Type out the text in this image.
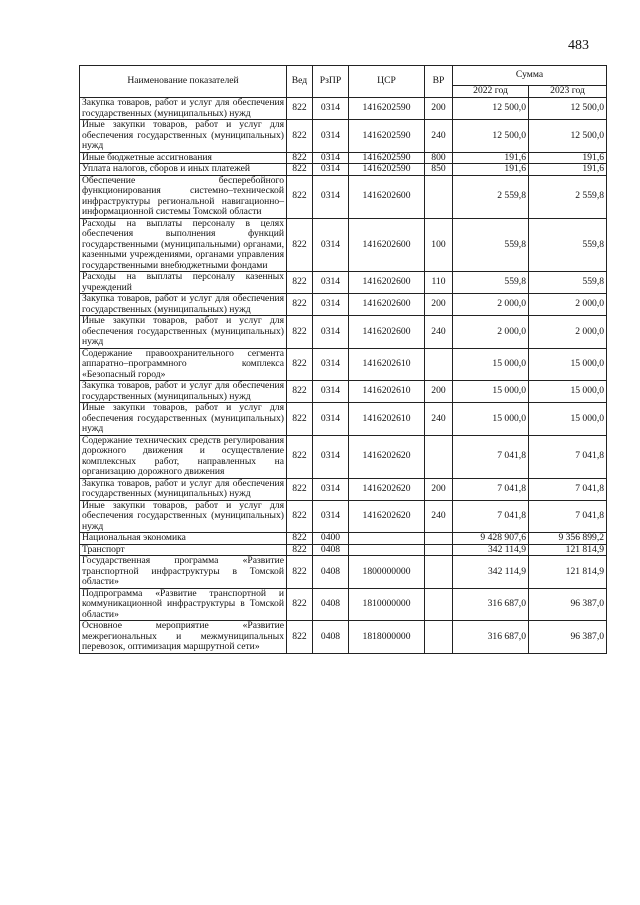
483
Наименование показателей	Вед	РзПР	ЦСР	ВР	Сумма	
					2022 год	2023 год
Закупка товаров, работ и услуг для обеспечения государственных (муниципальных) нужд	822	0314	1416202590	200	12 500,0	12 500,0
Иные закупки товаров, работ и услуг для обеспечения государственных (муниципальных) нужд	822	0314	1416202590	240	12 500,0	12 500,0
Иные бюджетные ассигнования	822	0314	1416202590	800	191,6	191,6
Уплата налогов, сборов и иных платежей	822	0314	1416202590	850	191,6	191,6
Обеспечение бесперебойного функционирования системно–технической инфраструктуры региональной навигационно–информационной системы Томской области	822	0314	1416202600		2 559,8	2 559,8
Расходы на выплаты персоналу в целях обеспечения выполнения функций государственными (муниципальными) органами, казенными учреждениями, органами управления государственными внебюджетными фондами	822	0314	1416202600	100	559,8	559,8
Расходы на выплаты персоналу казенных учреждений	822	0314	1416202600	110	559,8	559,8
Закупка товаров, работ и услуг для обеспечения государственных (муниципальных) нужд	822	0314	1416202600	200	2 000,0	2 000,0
Иные закупки товаров, работ и услуг для обеспечения государственных (муниципальных) нужд	822	0314	1416202600	240	2 000,0	2 000,0
Содержание правоохранительного сегмента аппаратно–программного комплекса «Безопасный город»	822	0314	1416202610		15 000,0	15 000,0
Закупка товаров, работ и услуг для обеспечения государственных (муниципальных) нужд	822	0314	1416202610	200	15 000,0	15 000,0
Иные закупки товаров, работ и услуг для обеспечения государственных (муниципальных) нужд	822	0314	1416202610	240	15 000,0	15 000,0
Содержание технических средств регулирования дорожного движения и осуществление комплексных работ, направленных на организацию дорожного движения	822	0314	1416202620		7 041,8	7 041,8
Закупка товаров, работ и услуг для обеспечения государственных (муниципальных) нужд	822	0314	1416202620	200	7 041,8	7 041,8
Иные закупки товаров, работ и услуг для обеспечения государственных (муниципальных) нужд	822	0314	1416202620	240	7 041,8	7 041,8
Национальная экономика	822	0400			9 428 907,6	9 356 899,2
Транспорт	822	0408			342 114,9	121 814,9
Государственная программа «Развитие транспортной инфраструктуры в Томской области»	822	0408	1800000000		342 114,9	121 814,9
Подпрограмма «Развитие транспортной и коммуникационной инфраструктуры в Томской области»	822	0408	1810000000		316 687,0	96 387,0
Основное мероприятие «Развитие межрегиональных и межмуниципальных перевозок, оптимизация маршрутной сети»	822	0408	1818000000		316 687,0	96 387,0
